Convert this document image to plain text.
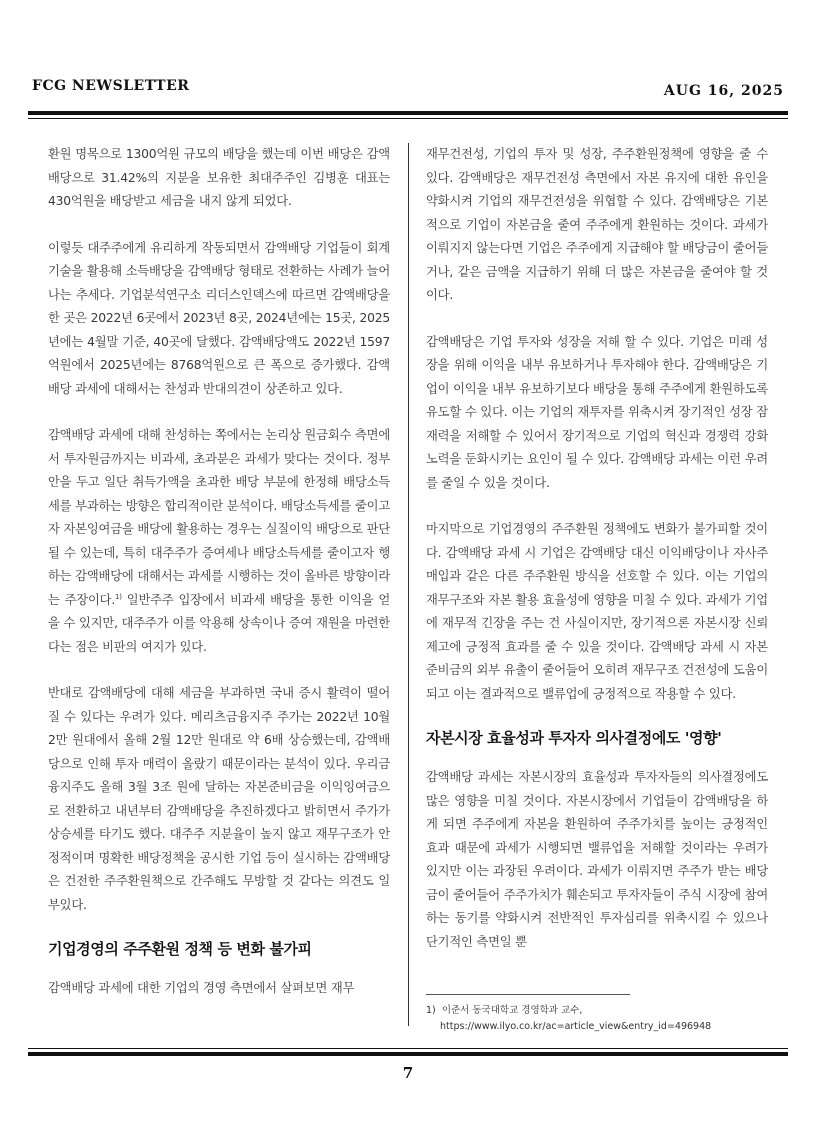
FCG NEWSLETTER	AUG 16, 2025

환원 명목으로 1300억원 규모의 배당을 했는데 이번 배당은 감액배당으로 31.42%의 지분을 보유한 최대주주인 김병훈 대표는 430억원을 배당받고 세금을 내지 않게 되었다.

이렇듯 대주주에게 유리하게 작동되면서 감액배당 기업들이 회계 기술을 활용해 소득배당을 감액배당 형태로 전환하는 사례가 늘어나는 추세다. 기업분석연구소 리더스인덱스에 따르면 감액배당을 한 곳은 2022년 6곳에서 2023년 8곳, 2024년에는 15곳, 2025년에는 4월말 기준, 40곳에 달했다. 감액배당액도 2022년 1597억원에서 2025년에는 8768억원으로 큰 폭으로 증가했다. 감액배당 과세에 대해서는 찬성과 반대의견이 상존하고 있다.

감액배당 과세에 대해 찬성하는 쪽에서는 논리상 원금회수 측면에서 투자원금까지는 비과세, 초과분은 과세가 맞다는 것이다. 정부안을 두고 일단 취득가액을 초과한 배당 부분에 한정해 배당소득세를 부과하는 방향은 합리적이란 분석이다. 배당소득세를 줄이고자 자본잉여금을 배당에 활용하는 경우는 실질이익 배당으로 판단될 수 있는데, 특히 대주주가 증여세나 배당소득세를 줄이고자 행하는 감액배당에 대해서는 과세를 시행하는 것이 올바른 방향이라는 주장이다.$^{1)}$ 일반주주 입장에서 비과세 배당을 통한 이익을 얻을 수 있지만, 대주주가 이를 악용해 상속이나 증여 재원을 마련한다는 점은 비판의 여지가 있다.

반대로 감액배당에 대해 세금을 부과하면 국내 증시 활력이 떨어질 수 있다는 우려가 있다. 메리츠금융지주 주가는 2022년 10월 2만 원대에서 올해 2월 12만 원대로 약 6배 상승했는데, 감액배당으로 인해 투자 매력이 올랐기 때문이라는 분석이 있다. 우리금융지주도 올해 3월 3조 원에 달하는 자본준비금을 이익잉여금으로 전환하고 내년부터 감액배당을 추진하겠다고 밝히면서 주가가 상승세를 타기도 했다. 대주주 지분율이 높지 않고 재무구조가 안정적이며 명확한 배당정책을 공시한 기업 등이 실시하는 감액배당은 건전한 주주환원책으로 간주해도 무방할 것 같다는 의견도 일부있다.

기업경영의 주주환원 정책 등 변화 불가피

감액배당 과세에 대한 기업의 경영 측면에서 살펴보면 재무

재무건전성, 기업의 투자 및 성장, 주주환원정책에 영향을 줄 수 있다. 감액배당은 재무건전성 측면에서 자본 유지에 대한 유인을 약화시켜 기업의 재무건전성을 위협할 수 있다. 감액배당은 기본적으로 기업이 자본금을 줄여 주주에게 환원하는 것이다. 과세가 이뤄지지 않는다면 기업은 주주에게 지급해야 할 배당금이 줄어들거나, 같은 금액을 지급하기 위해 더 많은 자본금을 줄여야 할 것이다.

감액배당은 기업 투자와 성장을 저해 할 수 있다. 기업은 미래 성장을 위해 이익을 내부 유보하거나 투자해야 한다. 감액배당은 기업이 이익을 내부 유보하기보다 배당을 통해 주주에게 환원하도록 유도할 수 있다. 이는 기업의 재투자를 위축시켜 장기적인 성장 잠재력을 저해할 수 있어서 장기적으로 기업의 혁신과 경쟁력 강화 노력을 둔화시키는 요인이 될 수 있다. 감액배당 과세는 이런 우려를 줄일 수 있을 것이다.

마지막으로 기업경영의 주주환원 정책에도 변화가 불가피할 것이다. 감액배당 과세 시 기업은 감액배당 대신 이익배당이나 자사주 매입과 같은 다른 주주환원 방식을 선호할 수 있다. 이는 기업의 재무구조와 자본 활용 효율성에 영향을 미칠 수 있다. 과세가 기업에 재무적 긴장을 주는 건 사실이지만, 장기적으론 자본시장 신뢰 제고에 긍정적 효과를 줄 수 있을 것이다. 감액배당 과세 시 자본준비금의 외부 유출이 줄어들어 오히려 재무구조 건전성에 도움이 되고 이는 결과적으로 밸류업에 긍정적으로 작용할 수 있다.

자본시장 효율성과 투자자 의사결정에도 '영향'

감액배당 과세는 자본시장의 효율성과 투자자들의 의사결정에도 많은 영향을 미칠 것이다. 자본시장에서 기업들이 감액배당을 하게 되면 주주에게 자본을 환원하여 주주가치를 높이는 긍정적인 효과 때문에 과세가 시행되면 밸류업을 저해할 것이라는 우려가 있지만 이는 과장된 우려이다. 과세가 이뤄지면 주주가 받는 배당금이 줄어들어 주주가치가 훼손되고 투자자들이 주식 시장에 참여하는 동기를 약화시켜 전반적인 투자심리를 위축시킬 수 있으나 단기적인 측면일 뿐

1) 이준서 동국대학교 경영학과 교수,
https://www.ilyo.co.kr/ac=article_view&entry_id=496948
7
